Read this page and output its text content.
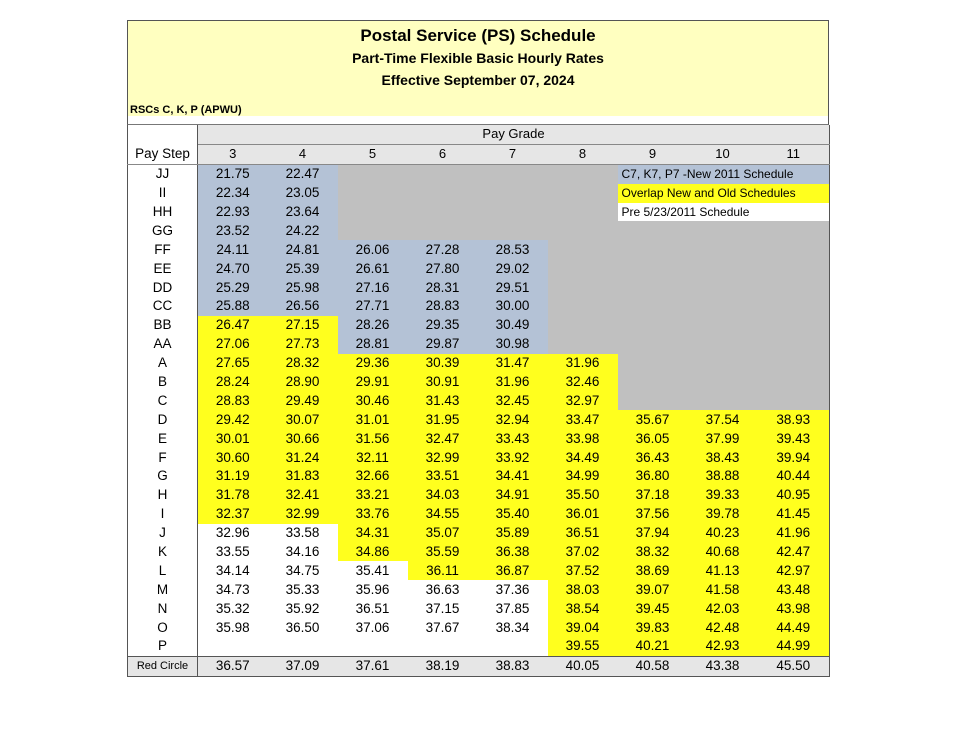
Postal Service (PS) Schedule
Part-Time Flexible Basic Hourly Rates
Effective September 07, 2024
RSCs C, K, P (APWU)
	Pay Grade								
Pay Step	3	4	5	6	7	8	9	10	11
JJ	21.75	22.47					C7, K7, P7 -New 2011 Schedule		
II	22.34	23.05					Overlap New and Old Schedules		
HH	22.93	23.64					Pre 5/23/2011 Schedule		
GG	23.52	24.22							
FF	24.11	24.81	26.06	27.28	28.53				
EE	24.70	25.39	26.61	27.80	29.02				
DD	25.29	25.98	27.16	28.31	29.51				
CC	25.88	26.56	27.71	28.83	30.00				
BB	26.47	27.15	28.26	29.35	30.49				
AA	27.06	27.73	28.81	29.87	30.98				
A	27.65	28.32	29.36	30.39	31.47	31.96			
B	28.24	28.90	29.91	30.91	31.96	32.46			
C	28.83	29.49	30.46	31.43	32.45	32.97			
D	29.42	30.07	31.01	31.95	32.94	33.47	35.67	37.54	38.93
E	30.01	30.66	31.56	32.47	33.43	33.98	36.05	37.99	39.43
F	30.60	31.24	32.11	32.99	33.92	34.49	36.43	38.43	39.94
G	31.19	31.83	32.66	33.51	34.41	34.99	36.80	38.88	40.44
H	31.78	32.41	33.21	34.03	34.91	35.50	37.18	39.33	40.95
I	32.37	32.99	33.76	34.55	35.40	36.01	37.56	39.78	41.45
J	32.96	33.58	34.31	35.07	35.89	36.51	37.94	40.23	41.96
K	33.55	34.16	34.86	35.59	36.38	37.02	38.32	40.68	42.47
L	34.14	34.75	35.41	36.11	36.87	37.52	38.69	41.13	42.97
M	34.73	35.33	35.96	36.63	37.36	38.03	39.07	41.58	43.48
N	35.32	35.92	36.51	37.15	37.85	38.54	39.45	42.03	43.98
O	35.98	36.50	37.06	37.67	38.34	39.04	39.83	42.48	44.49
P						39.55	40.21	42.93	44.99
Red Circle	36.57	37.09	37.61	38.19	38.83	40.05	40.58	43.38	45.50
